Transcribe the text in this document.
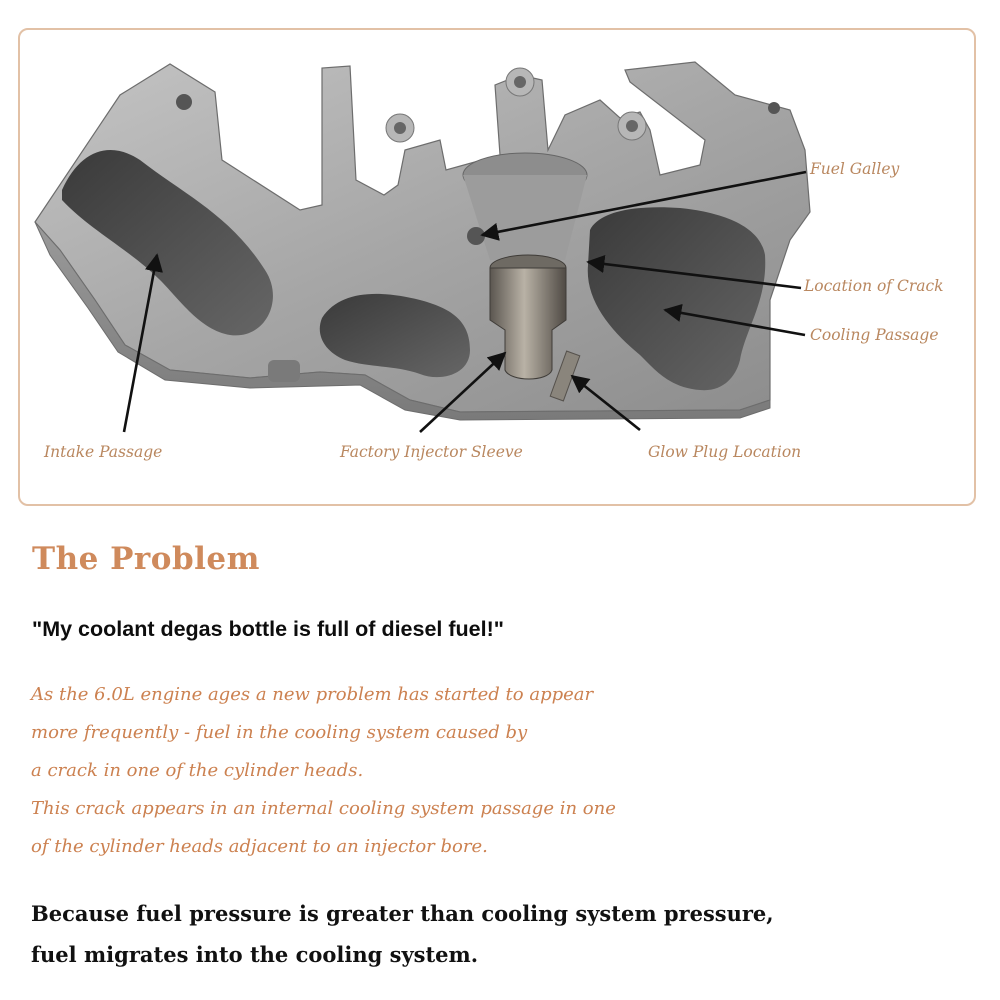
Fuel Galley
Location of Crack
Cooling Passage
Intake Passage	Factory Injector Sleeve	Glow Plug Location
The Problem

"My coolant degas bottle is full of diesel fuel!"

As the 6.0L engine ages a new problem has started to appear
more frequently - fuel in the cooling system caused by
a crack in one of the cylinder heads.
This crack appears in an internal cooling system passage in one
of the cylinder heads adjacent to an injector bore.

Because fuel pressure is greater than cooling system pressure,
fuel migrates into the cooling system.
